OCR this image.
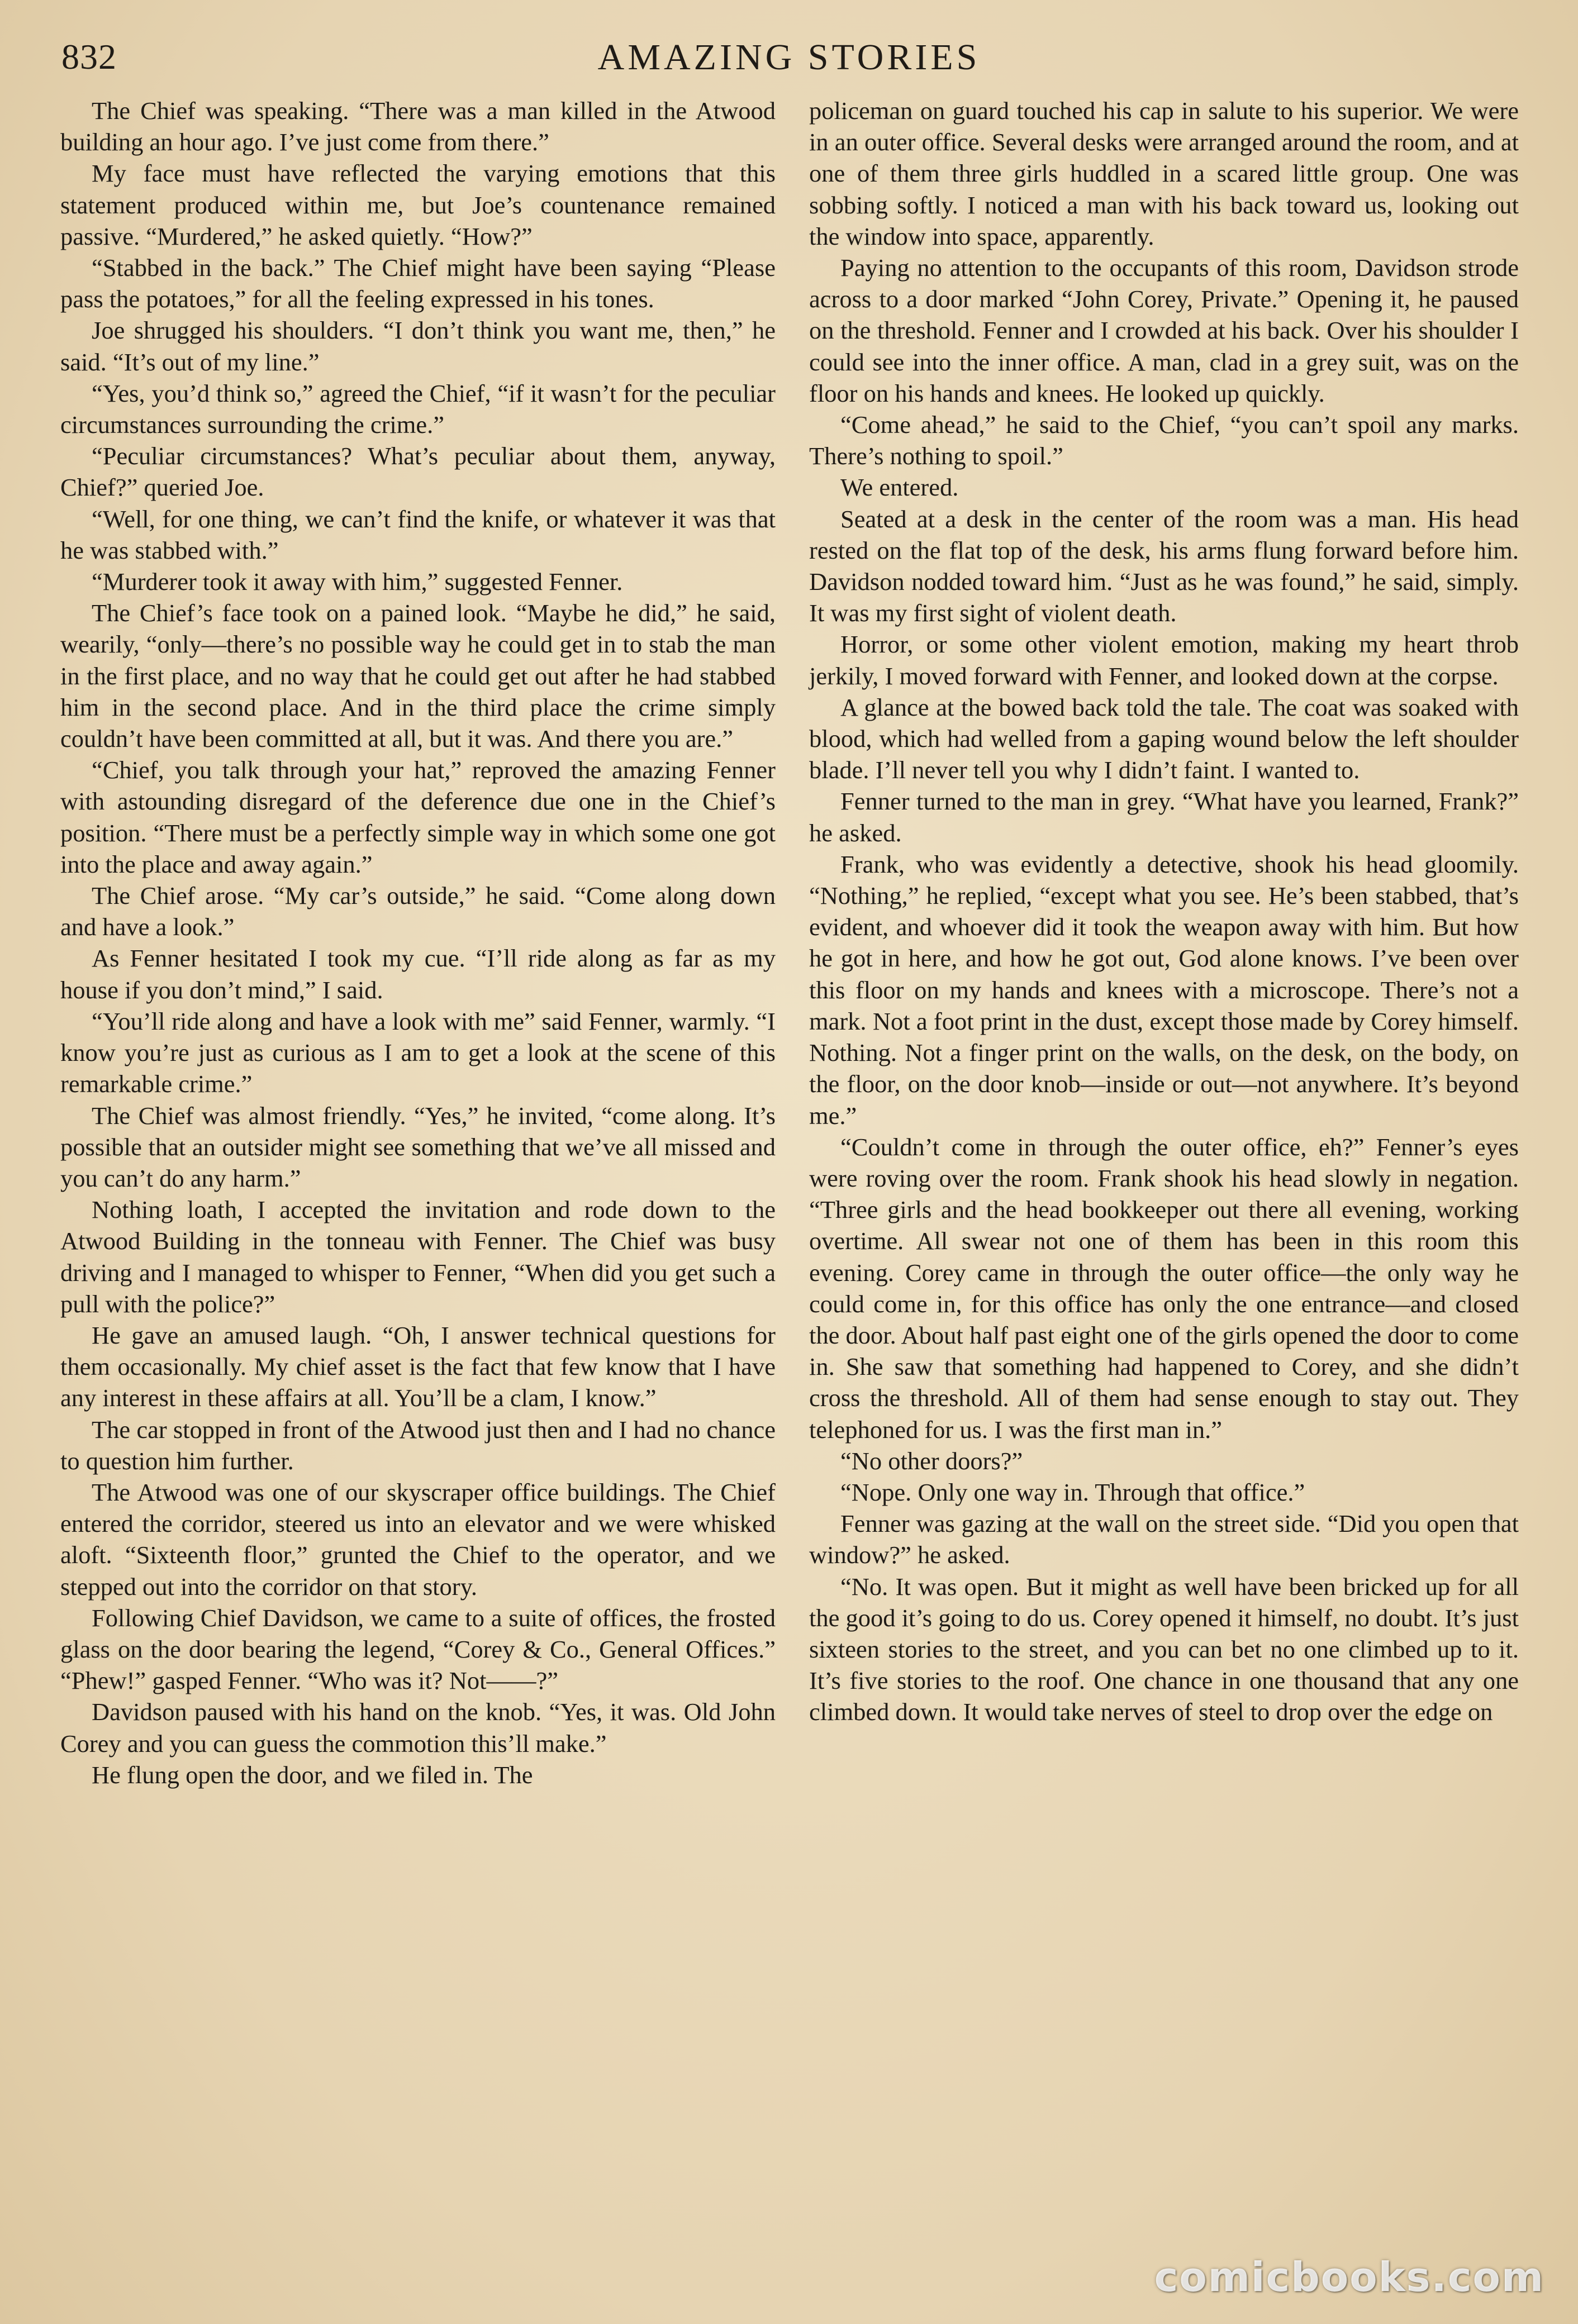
832	AMAZING STORIES

The Chief was speaking. “There was a man killed in the Atwood building an hour ago. I’ve just come from there.”

My face must have reflected the varying emotions that this statement produced within me, but Joe’s countenance remained passive. “Murdered,” he asked quietly. “How?”

“Stabbed in the back.” The Chief might have been saying “Please pass the potatoes,” for all the feeling expressed in his tones.

Joe shrugged his shoulders. “I don’t think you want me, then,” he said. “It’s out of my line.”

“Yes, you’d think so,” agreed the Chief, “if it wasn’t for the peculiar circumstances surrounding the crime.”

“Peculiar circumstances? What’s peculiar about them, anyway, Chief?” queried Joe.

“Well, for one thing, we can’t find the knife, or whatever it was that he was stabbed with.”

“Murderer took it away with him,” suggested Fenner.

The Chief’s face took on a pained look. “Maybe he did,” he said, wearily, “only—there’s no possible way he could get in to stab the man in the first place, and no way that he could get out after he had stabbed him in the second place. And in the third place the crime simply couldn’t have been committed at all, but it was. And there you are.”

“Chief, you talk through your hat,” reproved the amazing Fenner with astounding disregard of the deference due one in the Chief’s position. “There must be a perfectly simple way in which some one got into the place and away again.”

The Chief arose. “My car’s outside,” he said. “Come along down and have a look.”

As Fenner hesitated I took my cue. “I’ll ride along as far as my house if you don’t mind,” I said.

“You’ll ride along and have a look with me” said Fenner, warmly. “I know you’re just as curious as I am to get a look at the scene of this remarkable crime.”

The Chief was almost friendly. “Yes,” he invited, “come along. It’s possible that an outsider might see something that we’ve all missed and you can’t do any harm.”

Nothing loath, I accepted the invitation and rode down to the Atwood Building in the tonneau with Fenner. The Chief was busy driving and I managed to whisper to Fenner, “When did you get such a pull with the police?”

He gave an amused laugh. “Oh, I answer technical questions for them occasionally. My chief asset is the fact that few know that I have any interest in these affairs at all. You’ll be a clam, I know.”

The car stopped in front of the Atwood just then and I had no chance to question him further.

The Atwood was one of our skyscraper office buildings. The Chief entered the corridor, steered us into an elevator and we were whisked aloft. “Sixteenth floor,” grunted the Chief to the operator, and we stepped out into the corridor on that story.

Following Chief Davidson, we came to a suite of offices, the frosted glass on the door bearing the legend, “Corey & Co., General Offices.” “Phew!” gasped Fenner. “Who was it? Not——?”

Davidson paused with his hand on the knob. “Yes, it was. Old John Corey and you can guess the commotion this’ll make.”

He flung open the door, and we filed in. The

policeman on guard touched his cap in salute to his superior. We were in an outer office. Several desks were arranged around the room, and at one of them three girls huddled in a scared little group. One was sobbing softly. I noticed a man with his back toward us, looking out the window into space, apparently.

Paying no attention to the occupants of this room, Davidson strode across to a door marked “John Corey, Private.” Opening it, he paused on the threshold. Fenner and I crowded at his back. Over his shoulder I could see into the inner office. A man, clad in a grey suit, was on the floor on his hands and knees. He looked up quickly.

“Come ahead,” he said to the Chief, “you can’t spoil any marks. There’s nothing to spoil.”

We entered.

Seated at a desk in the center of the room was a man. His head rested on the flat top of the desk, his arms flung forward before him. Davidson nodded toward him. “Just as he was found,” he said, simply. It was my first sight of violent death.

Horror, or some other violent emotion, making my heart throb jerkily, I moved forward with Fenner, and looked down at the corpse.

A glance at the bowed back told the tale. The coat was soaked with blood, which had welled from a gaping wound below the left shoulder blade. I’ll never tell you why I didn’t faint. I wanted to.

Fenner turned to the man in grey. “What have you learned, Frank?” he asked.

Frank, who was evidently a detective, shook his head gloomily. “Nothing,” he replied, “except what you see. He’s been stabbed, that’s evident, and whoever did it took the weapon away with him. But how he got in here, and how he got out, God alone knows. I’ve been over this floor on my hands and knees with a microscope. There’s not a mark. Not a foot print in the dust, except those made by Corey himself. Nothing. Not a finger print on the walls, on the desk, on the body, on the floor, on the door knob—inside or out—not anywhere. It’s beyond me.”

“Couldn’t come in through the outer office, eh?” Fenner’s eyes were roving over the room. Frank shook his head slowly in negation. “Three girls and the head bookkeeper out there all evening, working overtime. All swear not one of them has been in this room this evening. Corey came in through the outer office—the only way he could come in, for this office has only the one entrance—and closed the door. About half past eight one of the girls opened the door to come in. She saw that something had happened to Corey, and she didn’t cross the threshold. All of them had sense enough to stay out. They telephoned for us. I was the first man in.”

“No other doors?”

“Nope. Only one way in. Through that office.”

Fenner was gazing at the wall on the street side. “Did you open that window?” he asked.

“No. It was open. But it might as well have been bricked up for all the good it’s going to do us. Corey opened it himself, no doubt. It’s just sixteen stories to the street, and you can bet no one climbed up to it. It’s five stories to the roof. One chance in one thousand that any one climbed down. It would take nerves of steel to drop over the edge on

comicbooks.com
